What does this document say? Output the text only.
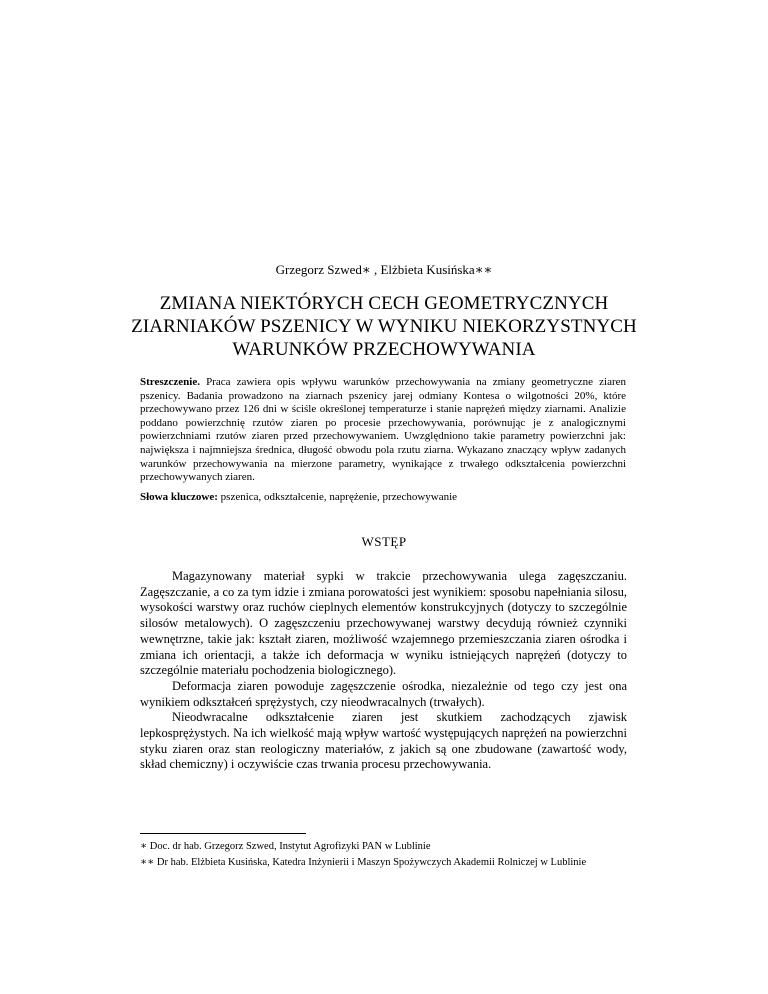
Grzegorz Szwed∗ , Elżbieta Kusińska∗∗
ZMIANA NIEKTÓRYCH CECH GEOMETRYCZNYCH ZIARNIAKÓW PSZENICY W WYNIKU NIEKORZYSTNYCH WARUNKÓW PRZECHOWYWANIA

Streszczenie. Praca zawiera opis wpływu warunków przechowywania na zmiany geometryczne ziaren pszenicy. Badania prowadzono na ziarnach pszenicy jarej odmiany Kontesa o wilgotności 20%, które przechowywano przez 126 dni w ściśle określonej temperaturze i stanie naprężeń między ziarnami. Analizie poddano powierzchnię rzutów ziaren po procesie przechowywania, porównując je z analogicznymi powierzchniami rzutów ziaren przed przechowywaniem. Uwzględniono takie parametry powierzchni jak: największa i najmniejsza średnica, długość obwodu pola rzutu ziarna. Wykazano znaczący wpływ zadanych warunków przechowywania na mierzone parametry, wynikające z trwałego odkształcenia powierzchni przechowywanych ziaren.

Słowa kluczowe: pszenica, odkształcenie, naprężenie, przechowywanie

WSTĘP

Magazynowany materiał sypki w trakcie przechowywania ulega zagęszczaniu. Zagęszczanie, a co za tym idzie i zmiana porowatości jest wynikiem: sposobu napełniania silosu, wysokości warstwy oraz ruchów cieplnych elementów konstrukcyjnych (dotyczy to szczególnie silosów metalowych). O zagęszczeniu przechowywanej warstwy decydują również czynniki wewnętrzne, takie jak: kształt ziaren, możliwość wzajemnego przemieszczania ziaren ośrodka i zmiana ich orientacji, a także ich deformacja w wyniku istniejących naprężeń (dotyczy to szczególnie materiału pochodzenia biologicznego).

Deformacja ziaren powoduje zagęszczenie ośrodka, niezależnie od tego czy jest ona wynikiem odkształceń sprężystych, czy nieodwracalnych (trwałych).

Nieodwracalne odkształcenie ziaren jest skutkiem zachodzących zjawisk lepkosprężystych. Na ich wielkość mają wpływ wartość występujących naprężeń na powierzchni styku ziaren oraz stan reologiczny materiałów, z jakich są one zbudowane (zawartość wody, skład chemiczny) i oczywiście czas trwania procesu przechowywania.

∗ Doc. dr hab. Grzegorz Szwed, Instytut Agrofizyki PAN w Lublinie

∗∗ Dr hab. Elżbieta Kusińska, Katedra Inżynierii i Maszyn Spożywczych Akademii Rolniczej w Lublinie
